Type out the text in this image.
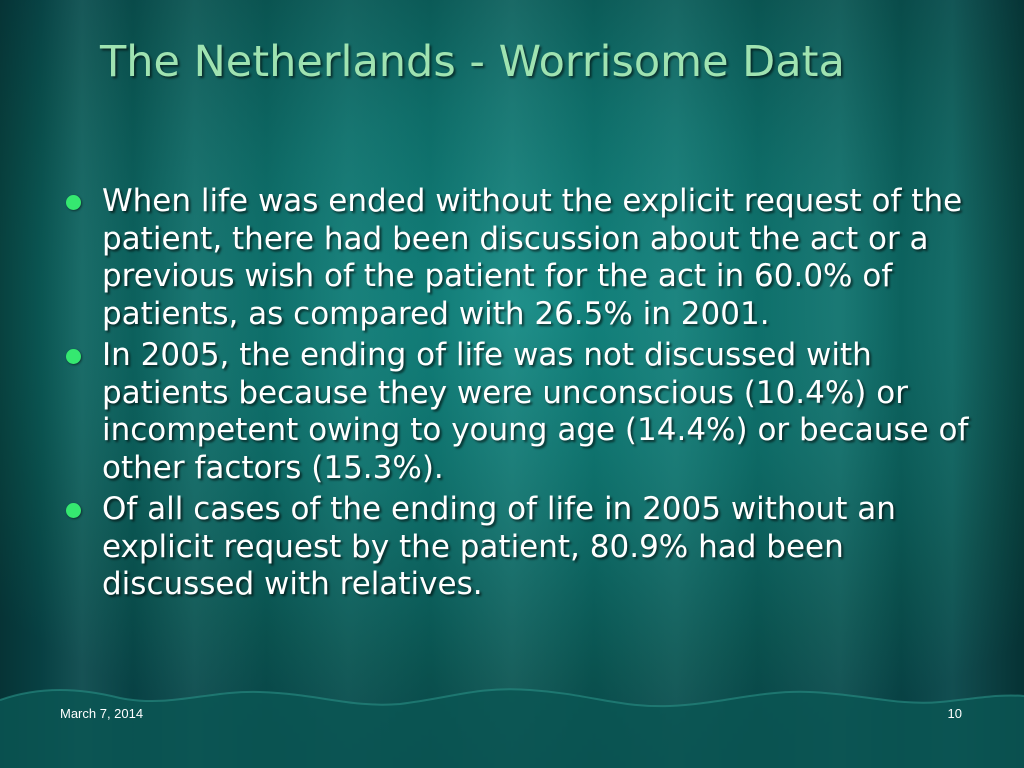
The Netherlands - Worrisome Data
When life was ended without the explicit request of the patient, there had been discussion about the act or a previous wish of the patient for the act in 60.0% of patients, as compared with 26.5% in 2001.
In 2005, the ending of life was not discussed with patients because they were unconscious (10.4%) or incompetent owing to young age (14.4%) or because of other factors (15.3%).
Of all cases of the ending of life in 2005 without an explicit request by the patient, 80.9% had been discussed with relatives.
March 7, 2014	10
